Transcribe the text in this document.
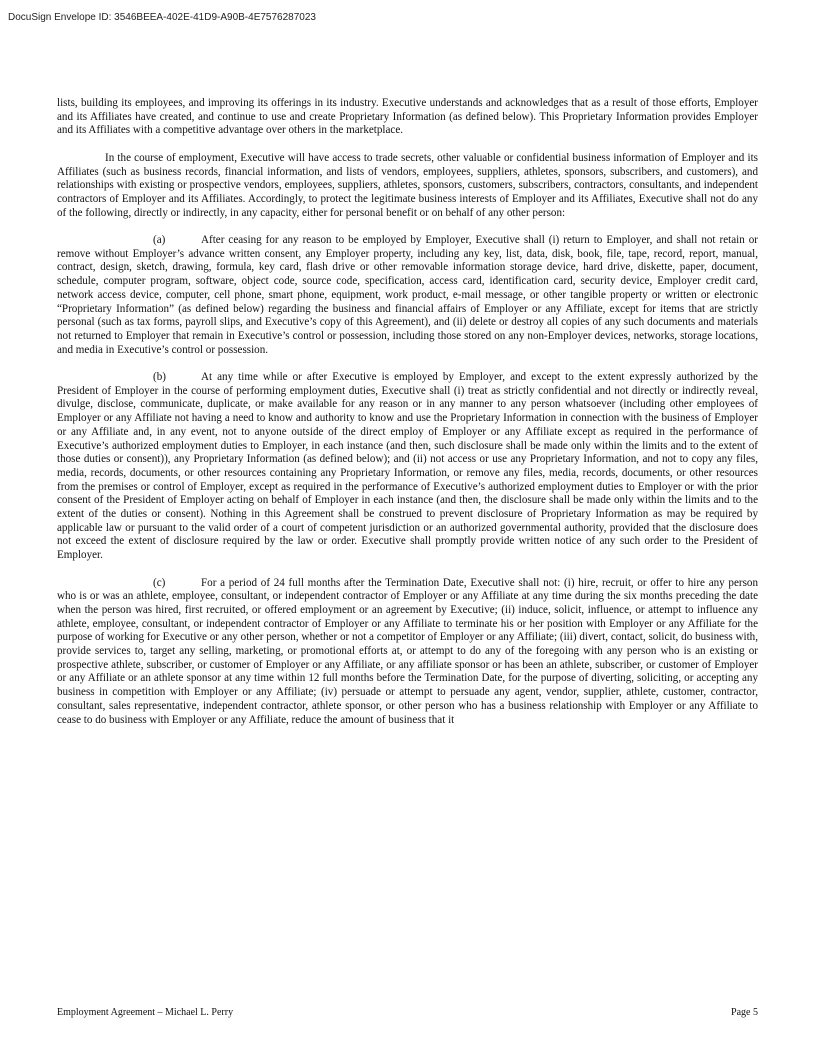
DocuSign Envelope ID: 3546BEEA-402E-41D9-A90B-4E7576287023

lists, building its employees, and improving its offerings in its industry. Executive understands and acknowledges that as a result of those efforts, Employer and its Affiliates have created, and continue to use and create Proprietary Information (as defined below). This Proprietary Information provides Employer and its Affiliates with a competitive advantage over others in the marketplace.

In the course of employment, Executive will have access to trade secrets, other valuable or confidential business information of Employer and its Affiliates (such as business records, financial information, and lists of vendors, employees, suppliers, athletes, sponsors, subscribers, and customers), and relationships with existing or prospective vendors, employees, suppliers, athletes, sponsors, customers, subscribers, contractors, consultants, and independent contractors of Employer and its Affiliates. Accordingly, to protect the legitimate business interests of Employer and its Affiliates, Executive shall not do any of the following, directly or indirectly, in any capacity, either for personal benefit or on behalf of any other person:

(a)	After ceasing for any reason to be employed by Employer, Executive shall (i) return to Employer, and shall not retain or remove without Employer’s advance written consent, any Employer property, including any key, list, data, disk, book, file, tape, record, report, manual, contract, design, sketch, drawing, formula, key card, flash drive or other removable information storage device, hard drive, diskette, paper, document, schedule, computer program, software, object code, source code, specification, access card, identification card, security device, Employer credit card, network access device, computer, cell phone, smart phone, equipment, work product, e-mail message, or other tangible property or written or electronic “Proprietary Information” (as defined below) regarding the business and financial affairs of Employer or any Affiliate, except for items that are strictly personal (such as tax forms, payroll slips, and Executive’s copy of this Agreement), and (ii) delete or destroy all copies of any such documents and materials not returned to Employer that remain in Executive’s control or possession, including those stored on any non-Employer devices, networks, storage locations, and media in Executive’s control or possession.

(b)	At any time while or after Executive is employed by Employer, and except to the extent expressly authorized by the President of Employer in the course of performing employment duties, Executive shall (i) treat as strictly confidential and not directly or indirectly reveal, divulge, disclose, communicate, duplicate, or make available for any reason or in any manner to any person whatsoever (including other employees of Employer or any Affiliate not having a need to know and authority to know and use the Proprietary Information in connection with the business of Employer or any Affiliate and, in any event, not to anyone outside of the direct employ of Employer or any Affiliate except as required in the performance of Executive’s authorized employment duties to Employer, in each instance (and then, such disclosure shall be made only within the limits and to the extent of those duties or consent)), any Proprietary Information (as defined below); and (ii) not access or use any Proprietary Information, and not to copy any files, media, records, documents, or other resources containing any Proprietary Information, or remove any files, media, records, documents, or other resources from the premises or control of Employer, except as required in the performance of Executive’s authorized employment duties to Employer or with the prior consent of the President of Employer acting on behalf of Employer in each instance (and then, the disclosure shall be made only within the limits and to the extent of the duties or consent). Nothing in this Agreement shall be construed to prevent disclosure of Proprietary Information as may be required by applicable law or pursuant to the valid order of a court of competent jurisdiction or an authorized governmental authority, provided that the disclosure does not exceed the extent of disclosure required by the law or order. Executive shall promptly provide written notice of any such order to the President of Employer.

(c)	For a period of 24 full months after the Termination Date, Executive shall not: (i) hire, recruit, or offer to hire any person who is or was an athlete, employee, consultant, or independent contractor of Employer or any Affiliate at any time during the six months preceding the date when the person was hired, first recruited, or offered employment or an agreement by Executive; (ii) induce, solicit, influence, or attempt to influence any athlete, employee, consultant, or independent contractor of Employer or any Affiliate to terminate his or her position with Employer or any Affiliate for the purpose of working for Executive or any other person, whether or not a competitor of Employer or any Affiliate; (iii) divert, contact, solicit, do business with, provide services to, target any selling, marketing, or promotional efforts at, or attempt to do any of the foregoing with any person who is an existing or prospective athlete, subscriber, or customer of Employer or any Affiliate, or any affiliate sponsor or has been an athlete, subscriber, or customer of Employer or any Affiliate or an athlete sponsor at any time within 12 full months before the Termination Date, for the purpose of diverting, soliciting, or accepting any business in competition with Employer or any Affiliate; (iv) persuade or attempt to persuade any agent, vendor, supplier, athlete, customer, contractor, consultant, sales representative, independent contractor, athlete sponsor, or other person who has a business relationship with Employer or any Affiliate to cease to do business with Employer or any Affiliate, reduce the amount of business that it

Employment Agreement – Michael L. Perry	Page 5
